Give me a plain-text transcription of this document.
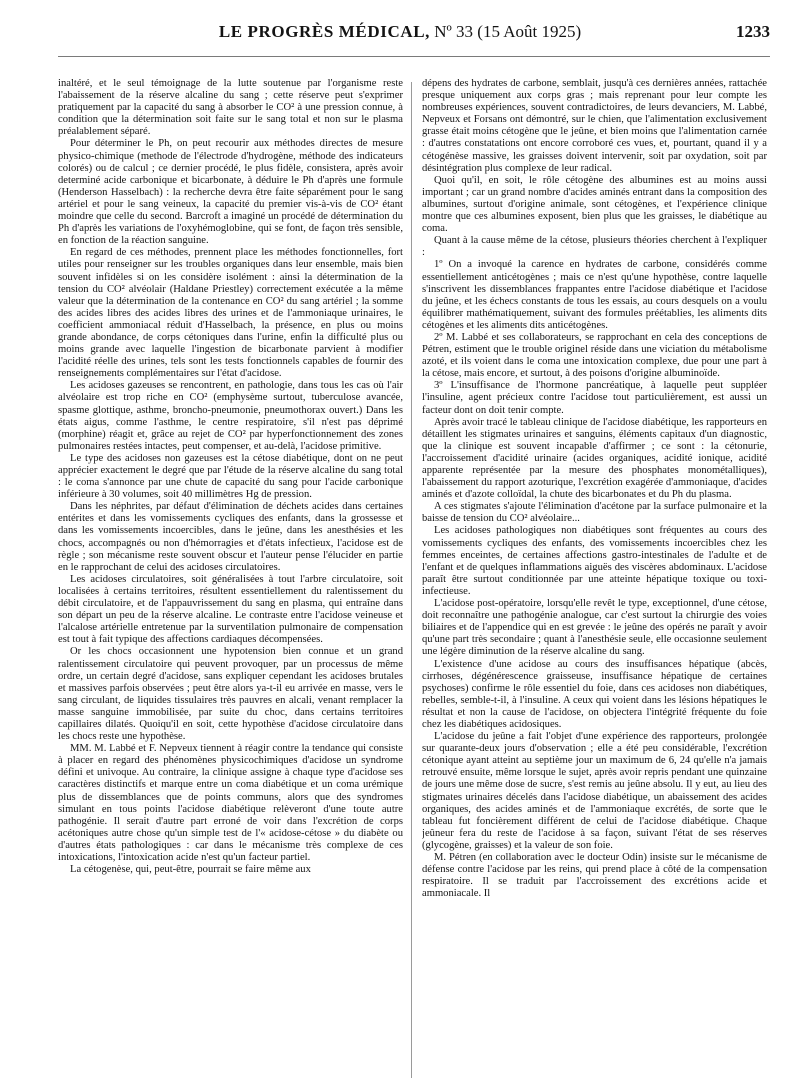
LE PROGRÈS MÉDICAL, Nº 33 (15 Août 1925)	1233

inaltéré, et le seul témoignage de la lutte soutenue par l'organisme reste l'abaissement de la réserve alcaline du sang ; cette réserve peut s'exprimer pratiquement par la capacité du sang à absorber le CO² à une pression connue, à condition que la détermination soit faite sur le sang total et non sur le plasma préalablement séparé.

Pour déterminer le Ph, on peut recourir aux méthodes directes de mesure physico-chimique (methode de l'électrode d'hydrogène, méthode des indicateurs colorés) ou de calcul ; ce dernier procédé, le plus fidèle, consistera, après avoir determiné acide carbonique et bicarbonate, à déduire le Ph d'après une formule (Henderson Hasselbach) : la recherche devra être faite séparément pour le sang artériel et pour le sang veineux, la capacité du premier vis-à-vis de CO² étant moindre que celle du second. Barcroft a imaginé un procédé de détermination du Ph d'après les variations de l'oxyhémoglobine, qui se font, de façon très sensible, en fonction de la réaction sanguine.

En regard de ces méthodes, prennent place les méthodes fonctionnelles, fort utiles pour renseigner sur les troubles organiques dans leur ensemble, mais bien souvent infidèles si on les considère isolément : ainsi la détermination de la tension du CO² alvéolair (Haldane Priestley) correctement exécutée a la même valeur que la détermination de la contenance en CO² du sang artériel ; la somme des acides libres des acides libres des urines et de l'ammoniaque urinaires, le coefficient ammoniacal réduit d'Hasselbach, la présence, en plus ou moins grande abondance, de corps cétoniques dans l'urine, enfin la difficulté plus ou moins grande avec laquelle l'ingestion de bicarbonate parvient à modifier l'acidité réelle des urines, tels sont les tests fonctionnels capables de fournir des renseignements complémentaires sur l'état d'acidose.

Les acidoses gazeuses se rencontrent, en pathologie, dans tous les cas où l'air alvéolaire est trop riche en CO² (emphysème surtout, tuberculose avancée, spasme glottique, asthme, broncho-pneumonie, pneumothorax ouvert.) Dans les états aigus, comme l'asthme, le centre respiratoire, s'il n'est pas déprimé (morphine) réagit et, grâce au rejet de CO² par hyperfonctionnement des zones pulmonaires restées intactes, peut compenser, et au-delà, l'acidose primitive.

Le type des acidoses non gazeuses est la cétose diabétique, dont on ne peut apprécier exactement le degré que par l'étude de la réserve alcaline du sang total : le coma s'annonce par une chute de capacité du sang pour l'acide carbonique inférieure à 30 volumes, soit 40 millimètres Hg de pression.

Dans les néphrites, par défaut d'élimination de déchets acides dans certaines entérites et dans les vomissements cycliques des enfants, dans la grossesse et dans les vomissements incoercibles, dans le jeûne, dans les anesthésies et les chocs, accompagnés ou non d'hémorragies et d'états infectieux, l'acidose est de règle ; son mécanisme reste souvent obscur et l'auteur pense l'élucider en partie en le rapprochant de celui des acidoses circulatoires.

Les acidoses circulatoires, soit généralisées à tout l'arbre circulatoire, soit localisées à certains territoires, résultent essentiellement du ralentissement du débit circulatoire, et de l'appauvrissement du sang en plasma, qui entraîne dans son départ un peu de la réserve alcaline. Le contraste entre l'acidose veineuse et l'alcalose artérielle entretenue par la surventilation pulmonaire de compensation est tout à fait typique des affections cardiaques décompensées.

Or les chocs occasionnent une hypotension bien connue et un grand ralentissement circulatoire qui peuvent provoquer, par un processus de même ordre, un certain degré d'acidose, sans expliquer cependant les acidoses brutales et massives parfois observées ; peut être alors ya-t-il eu arrivée en masse, vers le sang circulant, de liquides tissulaires très pauvres en alcali, venant remplacer la masse sanguine immobilisée, par suite du choc, dans certains territoires capillaires dilatés. Quoiqu'il en soit, cette hypothèse d'acidose circulatoire dans les chocs reste une hypothèse.

MM. M. Labbé et F. Nepveux tiennent à réagir contre la tendance qui consiste à placer en regard des phénomènes physicochimiques d'acidose un syndrome défini et univoque. Au contraire, la clinique assigne à chaque type d'acidose ses caractères distinctifs et marque entre un coma diabétique et un coma urémique plus de dissemblances que de points communs, alors que des syndromes simulant en tous points l'acidose diabétique relèveront d'une toute autre pathogénie. Il serait d'autre part erroné de voir dans l'excrétion de corps acétoniques autre chose qu'un simple test de l'« acidose-cétose » du diabète ou d'autres états pathologiques : car dans le mécanisme très complexe de ces intoxications, l'intoxication acide n'est qu'un facteur partiel.

La cétogenèse, qui, peut-être, pourrait se faire même aux

dépens des hydrates de carbone, semblait, jusqu'à ces dernières années, rattachée presque uniquement aux corps gras ; mais reprenant pour leur compte les nombreuses expériences, souvent contradictoires, de leurs devanciers, M. Labbé, Nepveux et Forsans ont démontré, sur le chien, que l'alimentation exclusivement grasse était moins cétogène que le jeûne, et bien moins que l'alimentation carnée : d'autres constatations ont encore corroboré ces vues, et, pourtant, quand il y a cétogénèse massive, les graisses doivent intervenir, soit par oxydation, soit par désintégration plus complexe de leur radical.

Quoi qu'il, en soit, le rôle cétogène des albumines est au moins aussi important ; car un grand nombre d'acides aminés entrant dans la composition des albumines, surtout d'origine animale, sont cétogènes, et l'expérience clinique montre que ces albumines exposent, bien plus que les graisses, le diabétique au coma.

Quant à la cause même de la cétose, plusieurs théories cherchent à l'expliquer :

1º On a invoqué la carence en hydrates de carbone, considérés comme essentiellement anticétogènes ; mais ce n'est qu'une hypothèse, contre laquelle s'inscrivent les dissemblances frappantes entre l'acidose diabétique et l'acidose du jeûne, et les échecs constants de tous les essais, au cours desquels on a voulu équilibrer mathématiquement, suivant des formules préétablies, les aliments dits cétogènes et les aliments dits anticétogènes.

2º M. Labbé et ses collaborateurs, se rapprochant en cela des conceptions de Pétren, estiment que le trouble originel réside dans une viciation du métabolisme azoté, et ils voient dans le coma une intoxication complexe, due pour une part à la cétose, mais encore, et surtout, à des poisons d'origine albuminoïde.

3º L'insuffisance de l'hormone pancréatique, à laquelle peut suppléer l'insuline, agent précieux contre l'acidose tout particulièrement, est aussi un facteur dont on doit tenir compte.

Après avoir tracé le tableau clinique de l'acidose diabétique, les rapporteurs en détaillent les stigmates urinaires et sanguins, éléments capitaux d'un diagnostic, que la clinique est souvent incapable d'affirmer ; ce sont : la cétonurie, l'accroissement d'acidité urinaire (acides organiques, acidité ionique, acidité apparente représentée par la mesure des phosphates monométalliques), l'abaissement du rapport azoturique, l'excrétion exagérée d'ammoniaque, d'acides aminés et d'azote colloïdal, la chute des bicarbonates et du Ph du plasma.

A ces stigmates s'ajoute l'élimination d'acétone par la surface pulmonaire et la baisse de tension du CO² alvéolaire...

Les acidoses pathologiques non diabétiques sont fréquentes au cours des vomissements cycliques des enfants, des vomissements incoercibles chez les femmes enceintes, de certaines affections gastro-intestinales de l'adulte et de l'enfant et de quelques inflammations aiguës des viscères abdominaux. L'acidose paraît être surtout conditionnée par une atteinte hépatique toxique ou toxi-infectieuse.

L'acidose post-opératoire, lorsqu'elle revêt le type, exceptionnel, d'une cétose, doit reconnaître une pathogénie analogue, car c'est surtout la chirurgie des voies biliaires et de l'appendice qui en est grevée : le jeûne des opérés ne paraît y avoir qu'une part très secondaire ; quant à l'anesthésie seule, elle occasionne seulement une légère diminution de la réserve alcaline du sang.

L'existence d'une acidose au cours des insuffisances hépatique (abcès, cirrhoses, dégénérescence graisseuse, insuffisance hépatique de certaines psychoses) confirme le rôle essentiel du foie, dans ces acidoses non diabétiques, rebelles, semble-t-il, à l'insuline. A ceux qui voient dans les lésions hépatiques le résultat et non la cause de l'acidose, on objectera l'intégrité fréquente du foie chez les diabétiques acidosiques.

L'acidose du jeûne a fait l'objet d'une expérience des rapporteurs, prolongée sur quarante-deux jours d'observation ; elle a été peu considérable, l'excrétion cétonique ayant atteint au septième jour un maximum de 6, 24 qu'elle n'a jamais retrouvé ensuite, même lorsque le sujet, après avoir repris pendant une quinzaine de jours une même dose de sucre, s'est remis au jeûne absolu. Il y eut, au lieu des stigmates urinaires décelés dans l'acidose diabétique, un abaissement des acides organiques, des acides aminés et de l'ammoniaque excrétés, de sorte que le tableau fut foncièrement différent de celui de l'acidose diabétique. Chaque jeûneur fera du reste de l'acidose à sa façon, suivant l'état de ses réserves (glycogène, graisses) et la valeur de son foie.

M. Pétren (en collaboration avec le docteur Odin) insiste sur le mécanisme de défense contre l'acidose par les reins, qui prend place à côté de la compensation respiratoire. Il se traduit par l'accroissement des excrétions acide et ammoniacale. Il
